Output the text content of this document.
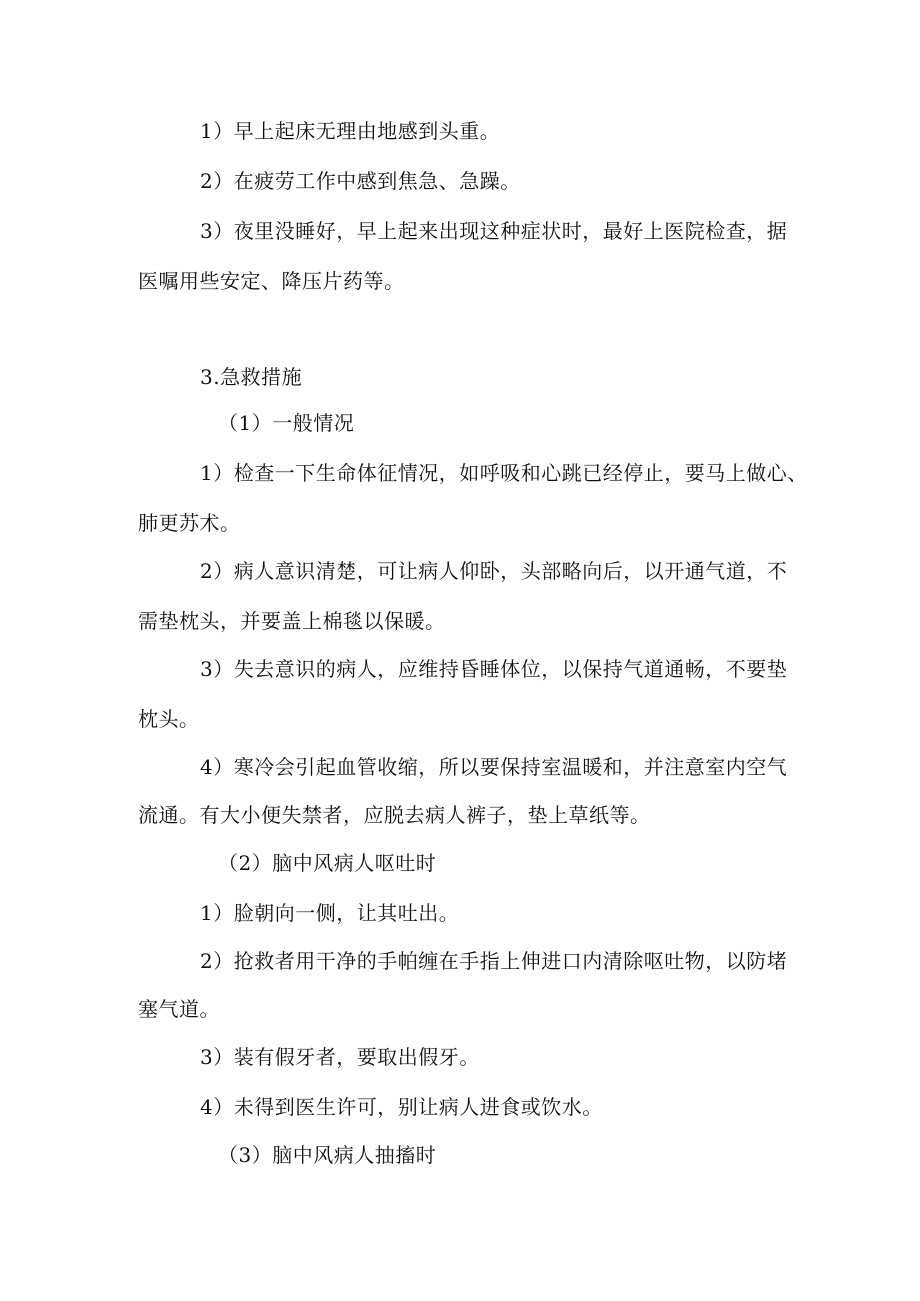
1）早上起床无理由地感到头重。
2）在疲劳工作中感到焦急、急躁。
3）夜里没睡好，早上起来出现这种症状时，最好上医院检查，据
医嘱用些安定、降压片药等。
3.急救措施
（1）一般情况
1）检查一下生命体征情况，如呼吸和心跳已经停止，要马上做心、
肺更苏术。
2）病人意识清楚，可让病人仰卧，头部略向后，以开通气道，不
需垫枕头，并要盖上棉毯以保暖。
3）失去意识的病人，应维持昏睡体位，以保持气道通畅，不要垫
枕头。
4）寒冷会引起血管收缩，所以要保持室温暖和，并注意室内空气
流通。有大小便失禁者，应脱去病人裤子，垫上草纸等。
（2）脑中风病人呕吐时
1）脸朝向一侧，让其吐出。
2）抢救者用干净的手帕缠在手指上伸进口内清除呕吐物，以防堵
塞气道。
3）装有假牙者，要取出假牙。
4）未得到医生许可，别让病人进食或饮水。
（3）脑中风病人抽搐时
